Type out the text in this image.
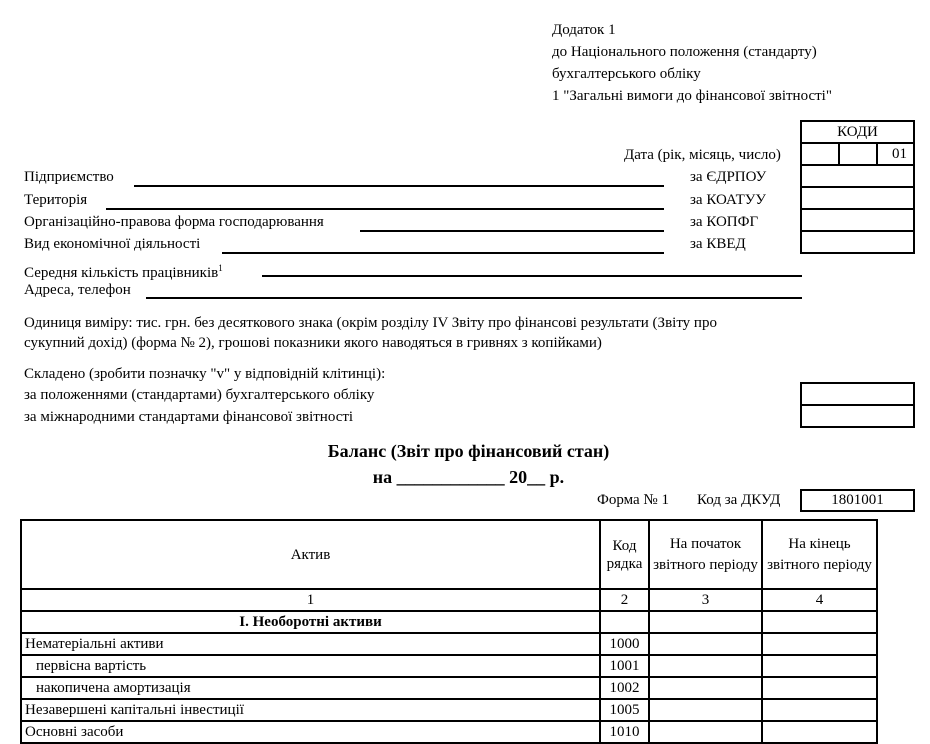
Додаток 1
до Національного положення (стандарту)
бухгалтерського обліку
1 "Загальні вимоги до фінансової звітності"
КОДИ
Дата (рік, місяць, число)	01
Підприємство	за ЄДРПОУ
Територія	за КОАТУУ
Організаційно-правова форма господарювання	за КОПФГ
Вид економічної діяльності	за КВЕД
Середня кількість працівників$^1$
Адреса, телефон
Одиниця виміру: тис. грн. без десяткового знака (окрім розділу IV Звіту про фінансові результати (Звіту про
сукупний дохід) (форма № 2), грошові показники якого наводяться в гривнях з копійками)
Складено (зробити позначку "v" у відповідній клітинці):
за положеннями (стандартами) бухгалтерського обліку
за міжнародними стандартами фінансової звітності
Баланс (Звіт про фінансовий стан)
на ____________ 20__ р.
Форма № 1 Код за ДКУД	1801001
Актив	Код рядка	На початок звітного періоду	На кінець звітного періоду
1	2	3	4
I. Необоротні активи			
Нематеріальні активи	1000		
первісна вартість	1001		
накопичена амортизація	1002		
Незавершені капітальні інвестиції	1005		
Основні засоби	1010		
